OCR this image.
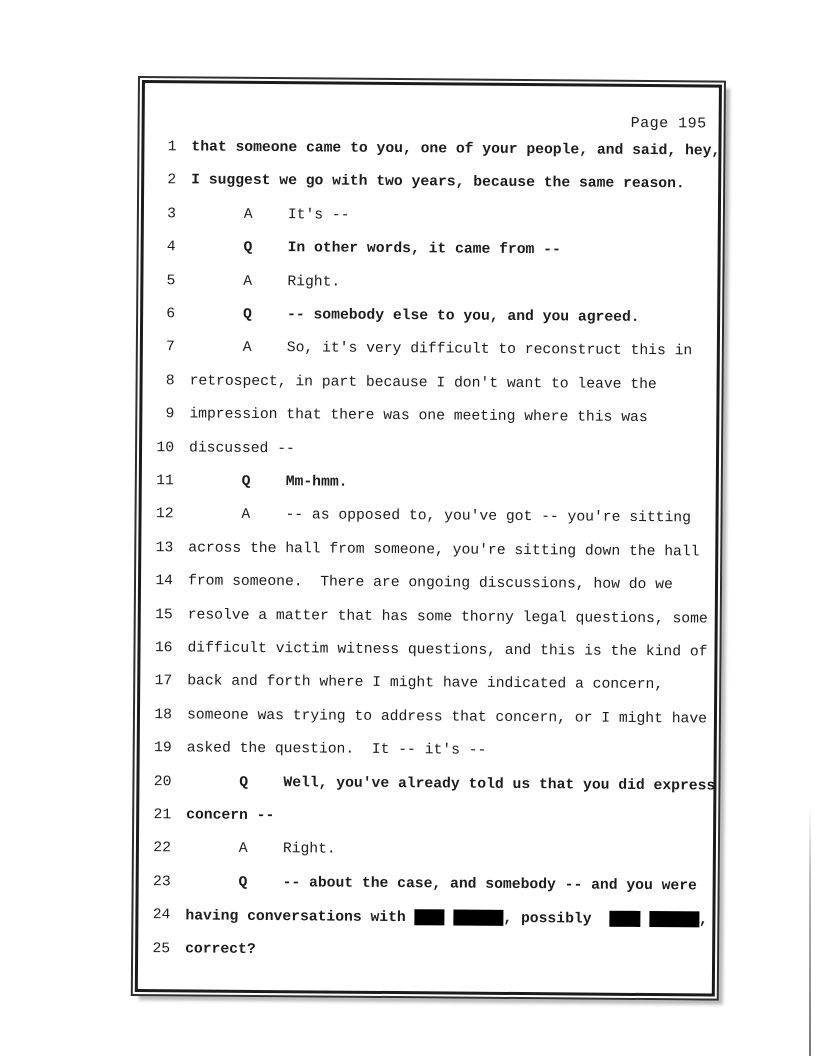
Page 195
1 that someone came to you, one of your people, and said, hey,
2 I suggest we go with two years, because the same reason.
3 A    It's --
4 Q    In other words, it came from --
5 A    Right.
6 Q    -- somebody else to you, and you agreed.
7 A    So, it's very difficult to reconstruct this in
8 retrospect, in part because I don't want to leave the
9 impression that there was one meeting where this was
10 discussed --
11 Q    Mm-hmm.
12 A    -- as opposed to, you've got -- you're sitting
13 across the hall from someone, you're sitting down the hall
14 from someone.  There are ongoing discussions, how do we
15 resolve a matter that has some thorny legal questions, some
16 difficult victim witness questions, and this is the kind of
17 back and forth where I might have indicated a concern,
18 someone was trying to address that concern, or I might have
19 asked the question.  It -- it's --
20 Q    Well, you've already told us that you did express
21 concern --
22 A    Right.
23 Q    -- about the case, and somebody -- and you were
24 having conversations with	, possibly	,
25 correct?
